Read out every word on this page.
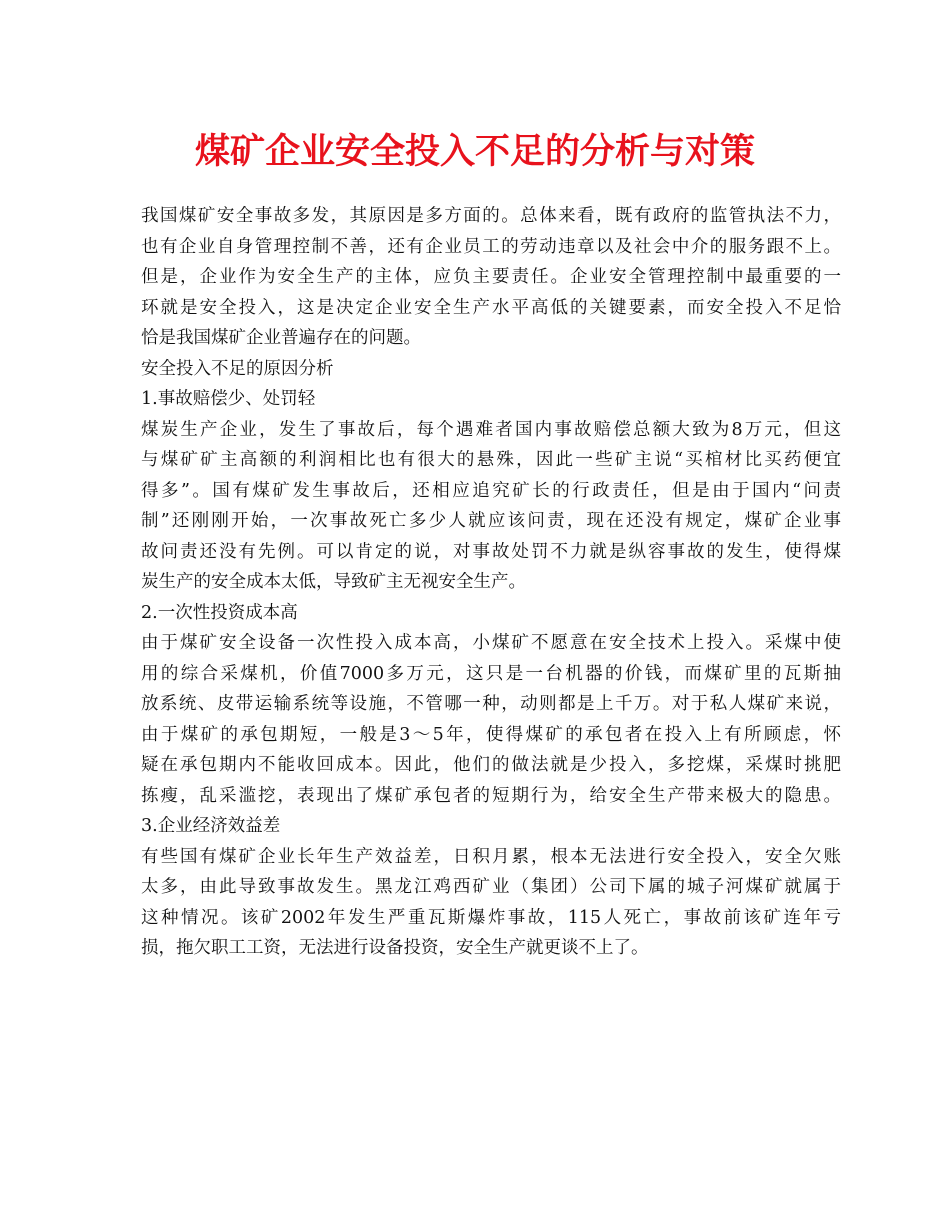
煤矿企业安全投入不足的分析与对策
我国煤矿安全事故多发，其原因是多方面的。总体来看，既有政府的监管执法不力，
也有企业自身管理控制不善，还有企业员工的劳动违章以及社会中介的服务跟不上。
但是，企业作为安全生产的主体，应负主要责任。企业安全管理控制中最重要的一
环就是安全投入，这是决定企业安全生产水平高低的关键要素，而安全投入不足恰
恰是我国煤矿企业普遍存在的问题。
安全投入不足的原因分析
1.事故赔偿少、处罚轻
煤炭生产企业，发生了事故后，每个遇难者国内事故赔偿总额大致为8万元，但这
与煤矿矿主高额的利润相比也有很大的悬殊，因此一些矿主说“买棺材比买药便宜
得多”。国有煤矿发生事故后，还相应追究矿长的行政责任，但是由于国内“问责
制”还刚刚开始，一次事故死亡多少人就应该问责，现在还没有规定，煤矿企业事
故问责还没有先例。可以肯定的说，对事故处罚不力就是纵容事故的发生，使得煤
炭生产的安全成本太低，导致矿主无视安全生产。
2.一次性投资成本高
由于煤矿安全设备一次性投入成本高，小煤矿不愿意在安全技术上投入。采煤中使
用的综合采煤机，价值7000多万元，这只是一台机器的价钱，而煤矿里的瓦斯抽
放系统、皮带运输系统等设施，不管哪一种，动则都是上千万。对于私人煤矿来说，
由于煤矿的承包期短，一般是3～5年，使得煤矿的承包者在投入上有所顾虑，怀
疑在承包期内不能收回成本。因此，他们的做法就是少投入，多挖煤，采煤时挑肥
拣瘦，乱采滥挖，表现出了煤矿承包者的短期行为，给安全生产带来极大的隐患。
3.企业经济效益差
有些国有煤矿企业长年生产效益差，日积月累，根本无法进行安全投入，安全欠账
太多，由此导致事故发生。黑龙江鸡西矿业（集团）公司下属的城子河煤矿就属于
这种情况。该矿2002年发生严重瓦斯爆炸事故，115人死亡，事故前该矿连年亏
损，拖欠职工工资，无法进行设备投资，安全生产就更谈不上了。
